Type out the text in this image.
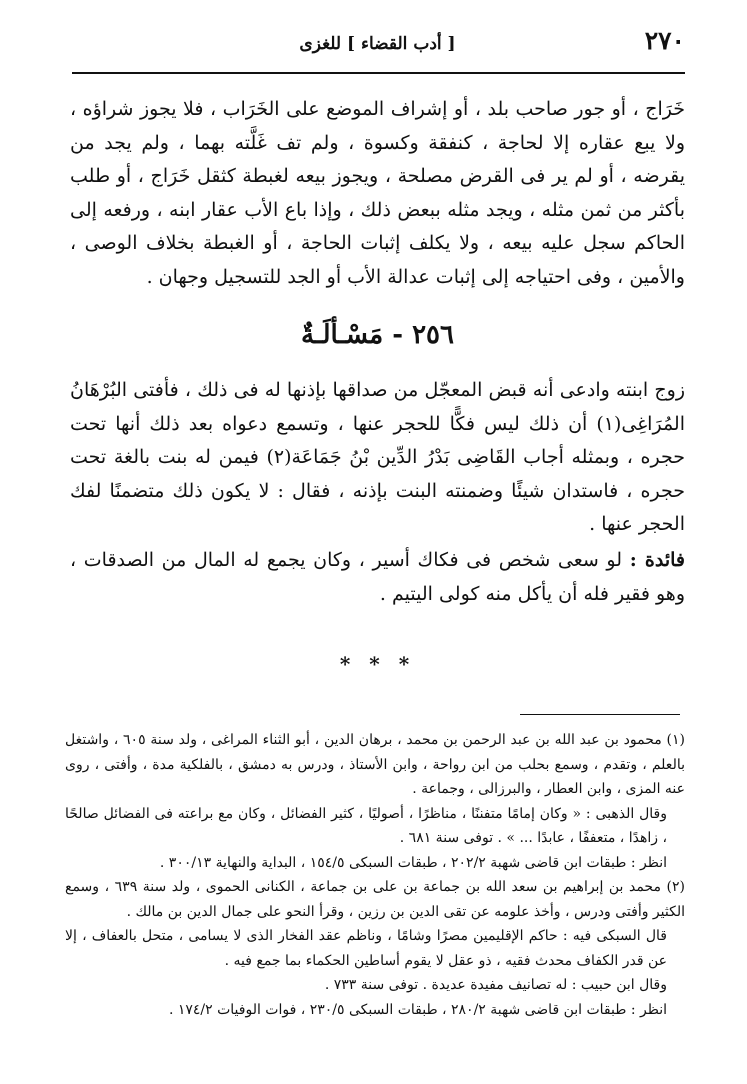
٢٧٠
[ أدب القضاء ] للغزى

خَرَاج ، أو جور صاحب بلد ، أو إشراف الموضع على الخَرَاب ، فلا يجوز شراؤه ، ولا يبع عقاره إلا لحاجة ، كنفقة وكسوة ، ولم تف غَلَّته بهما ، ولم يجد من يقرضه ، أو لم ير فى القرض مصلحة ، ويجوز بيعه لغبطة كثقل خَرَاج ، أو طلب بأكثر من ثمن مثله ، ويجد مثله ببعض ذلك ، وإذا باع الأب عقار ابنه ، ورفعه إلى الحاكم سجل عليه بيعه ، ولا يكلف إثبات الحاجة ، أو الغبطة بخلاف الوصى ، والأمين ، وفى احتياجه إلى إثبات عدالة الأب أو الجد للتسجيل وجهان .

٢٥٦ - مَسْـألَـةٌ

زوج ابنته وادعى أنه قبض المعجّل من صداقها بإذنها له فى ذلك ، فأفتى البُرْهَانُ المُرَاغِى(١) أن ذلك ليس فكًّا للحجر عنها ، وتسمع دعواه بعد ذلك أنها تحت حجره ، وبمثله أجاب القَاضِى بَدْرُ الدِّين بْنُ جَمَاعَة(٢) فيمن له بنت بالغة تحت حجره ، فاستدان شيئًا وضمنته البنت بإذنه ، فقال : لا يكون ذلك متضمنًا لفك الحجر عنها .

فائدة : لو سعى شخص فى فكاك أسير ، وكان يجمع له المال من الصدقات ، وهو فقير فله أن يأكل منه كولى اليتيم .

* * *

(١) محمود بن عبد الله بن عبد الرحمن بن محمد ، برهان الدين ، أبو الثناء المراغى ، ولد سنة ٦٠٥ ، واشتغل بالعلم ، وتقدم ، وسمع بحلب من ابن رواحة ، وابن الأستاذ ، ودرس به دمشق ، بالفلكية مدة ، وأفتى ، روى عنه المزى ، وابن العطار ، والبرزالى ، وجماعة .

وقال الذهبى : « وكان إمامًا متفننًا ، مناظرًا ، أصوليًا ، كثير الفضائل ، وكان مع براعته فى الفضائل صالحًا ، زاهدًا ، متعففًا ، عابدًا ... » . توفى سنة ٦٨١ .

انظر : طبقات ابن قاضى شهبة ٢٠٢/٢ ، طبقات السبكى ١٥٤/٥ ، البداية والنهاية ٣٠٠/١٣ .

(٢) محمد بن إبراهيم بن سعد الله بن جماعة بن على بن جماعة ، الكنانى الحموى ، ولد سنة ٦٣٩ ، وسمع الكثير وأفتى ودرس ، وأخذ علومه عن تقى الدين بن رزين ، وقرأ النحو على جمال الدين بن مالك .

قال السبكى فيه : حاكم الإقليمين مصرًا وشامًا ، وناظم عقد الفخار الذى لا يسامى ، متحل بالعفاف ، إلا عن قدر الكفاف محدث فقيه ، ذو عقل لا يقوم أساطين الحكماء بما جمع فيه .

وقال ابن حبيب : له تصانيف مفيدة عديدة . توفى سنة ٧٣٣ .

انظر : طبقات ابن قاضى شهبة ٢٨٠/٢ ، طبقات السبكى ٢٣٠/٥ ، فوات الوفيات ١٧٤/٢ .
